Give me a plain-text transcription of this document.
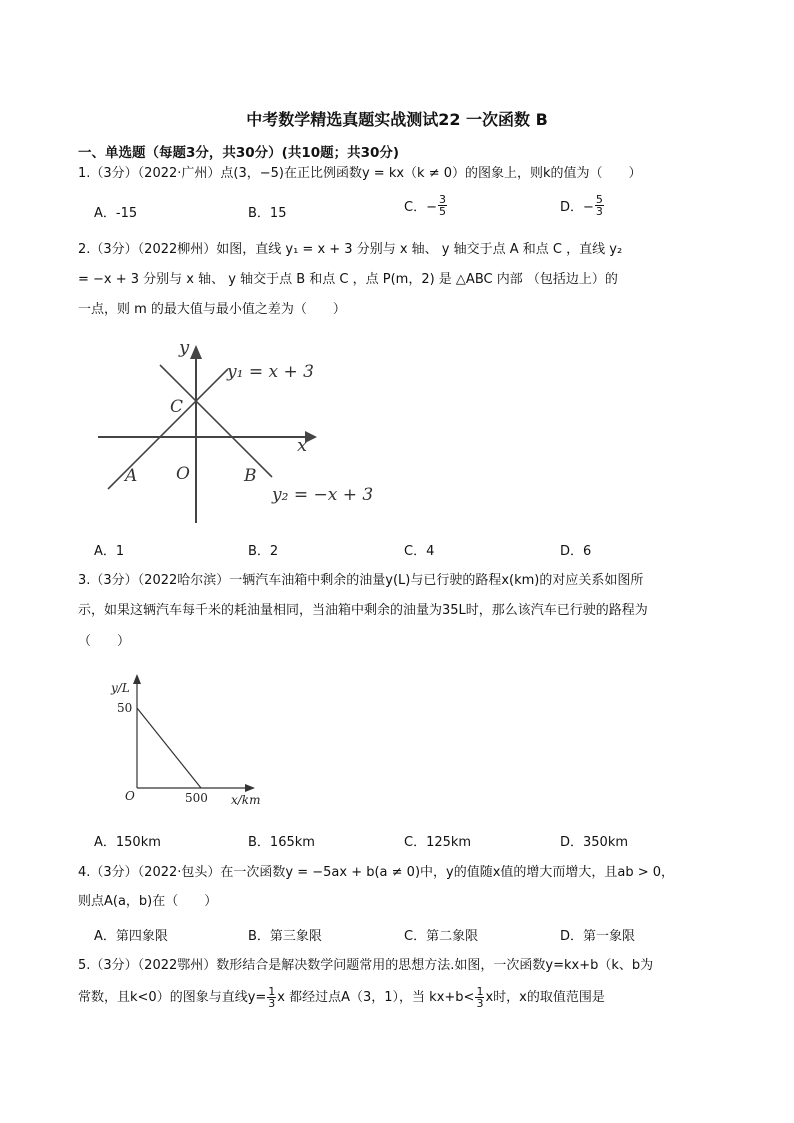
中考数学精选真题实战测试22 一次函数 B
一、单选题（每题3分，共30分）(共10题；共30分)
1.（3分）（2022·广州）点(3，−5)在正比例函数y = kx（k ≠ 0）的图象上，则k的值为（　　）
A．-15	B．15	C．− $\frac{3}{5}$	D．− $\frac{5}{3}$
2.（3分）（2022柳州）如图，直线 y₁ = x + 3 分别与 x 轴、 y 轴交于点 A 和点 C ，直线 y₂
= −x + 3 分别与 x 轴、 y 轴交于点 B 和点 C ，点 P(m，2) 是 △ABC 内部 （包括边上）的
一点，则 m 的最大值与最小值之差为（　　）
y
x
y₁ = x + 3
y₂ = −x + 3
C
A O	B
A．1	B．2	C．4	D．6
3.（3分）（2022哈尔滨）一辆汽车油箱中剩余的油量y(L)与已行驶的路程x(km)的对应关系如图所
示，如果这辆汽车每千米的耗油量相同，当油箱中剩余的油量为35L时，那么该汽车已行驶的路程为
（　　）
y/L
x/km
50
500
O
A．150km	B．165km	C．125km	D．350km
4.（3分）（2022·包头）在一次函数y = −5ax + b(a ≠ 0)中，y的值随x值的增大而增大，且ab > 0，
则点A(a，b)在（　　）
A．第四象限	B．第三象限	C．第二象限	D．第一象限
5.（3分）（2022鄂州）数形结合是解决数学问题常用的思想方法.如图，一次函数y=kx+b（k、b为
常数，且k<0）的图象与直线$y= \frac{1}{3}$ x 都经过点A（3，1），当 $kx+b< \frac{1}{3}$ x时，x的取值范围是
